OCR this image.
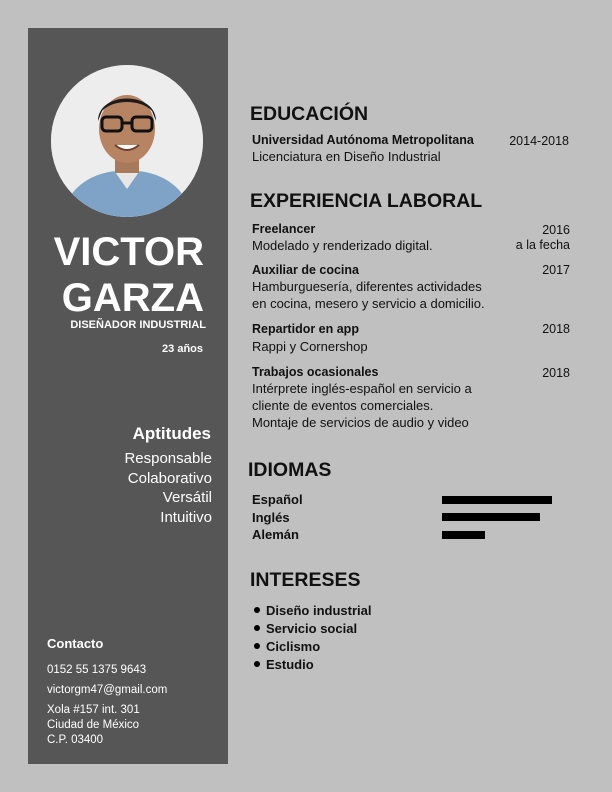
VICTOR
GARZA
DISEÑADOR INDUSTRIAL
23 años
Aptitudes
Responsable
Colaborativo
Versátil
Intuitivo
Contacto
0152 55 1375 9643
victorgm47@gmail.com
Xola #157 int. 301
Ciudad de México
C.P. 03400
EDUCACIÓN
Universidad Autónoma Metropolitana	2014-2018
Licenciatura en Diseño Industrial
EXPERIENCIA LABORAL
Freelancer	2016
a la fecha
Modelado y renderizado digital.
Auxiliar de cocina	2017
Hamburguesería, diferentes actividades
en cocina, mesero y servicio a domicilio.
Repartidor en app	2018
Rappi y Cornershop
Trabajos ocasionales	2018
Intérprete inglés-español en servicio a
cliente de eventos comerciales.
Montaje de servicios de audio y video
IDIOMAS
Español
Inglés
Alemán
INTERESES
Diseño industrial
Servicio social
Ciclismo
Estudio
